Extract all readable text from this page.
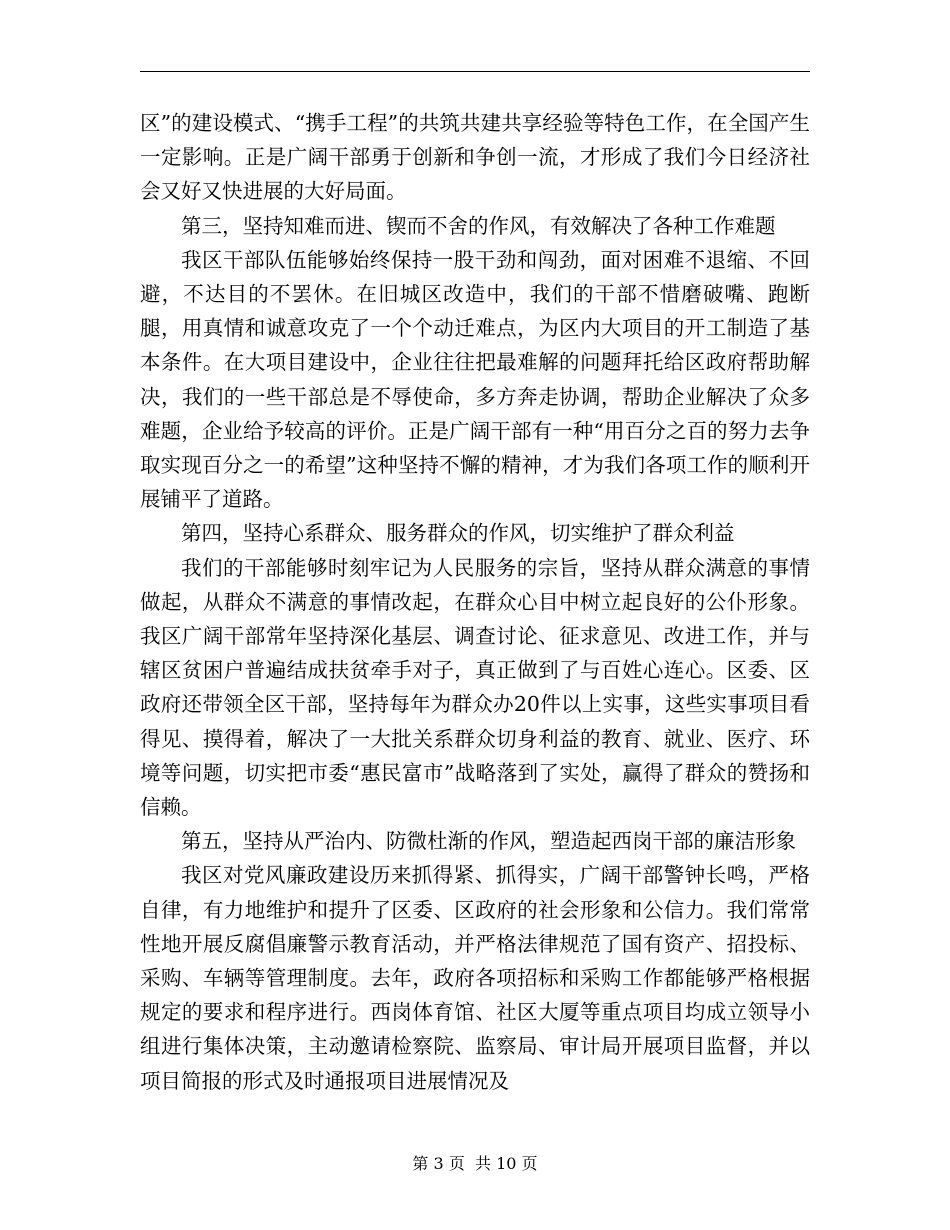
区”的建设模式、“携手工程”的共筑共建共享经验等特色工作，在全国产生一定影响。正是广阔干部勇于创新和争创一流，才形成了我们今日经济社会又好又快进展的大好局面。

第三，坚持知难而进、锲而不舍的作风，有效解决了各种工作难题

我区干部队伍能够始终保持一股干劲和闯劲，面对困难不退缩、不回避，不达目的不罢休。在旧城区改造中，我们的干部不惜磨破嘴、跑断腿，用真情和诚意攻克了一个个动迁难点，为区内大项目的开工制造了基本条件。在大项目建设中，企业往往把最难解的问题拜托给区政府帮助解决，我们的一些干部总是不辱使命，多方奔走协调，帮助企业解决了众多难题，企业给予较高的评价。正是广阔干部有一种“用百分之百的努力去争取实现百分之一的希望”这种坚持不懈的精神，才为我们各项工作的顺利开展铺平了道路。

第四，坚持心系群众、服务群众的作风，切实维护了群众利益

我们的干部能够时刻牢记为人民服务的宗旨，坚持从群众满意的事情做起，从群众不满意的事情改起，在群众心目中树立起良好的公仆形象。我区广阔干部常年坚持深化基层、调查讨论、征求意见、改进工作，并与辖区贫困户普遍结成扶贫牵手对子，真正做到了与百姓心连心。区委、区政府还带领全区干部，坚持每年为群众办20件以上实事，这些实事项目看得见、摸得着，解决了一大批关系群众切身利益的教育、就业、医疗、环境等问题，切实把市委“惠民富市”战略落到了实处，赢得了群众的赞扬和信赖。

第五，坚持从严治内、防微杜渐的作风，塑造起西岗干部的廉洁形象

我区对党风廉政建设历来抓得紧、抓得实，广阔干部警钟长鸣，严格自律，有力地维护和提升了区委、区政府的社会形象和公信力。我们常常性地开展反腐倡廉警示教育活动，并严格法律规范了国有资产、招投标、采购、车辆等管理制度。去年，政府各项招标和采购工作都能够严格根据规定的要求和程序进行。西岗体育馆、社区大厦等重点项目均成立领导小组进行集体决策，主动邀请检察院、监察局、审计局开展项目监督，并以项目简报的形式及时通报项目进展情况及

第 3 页  共 10 页
